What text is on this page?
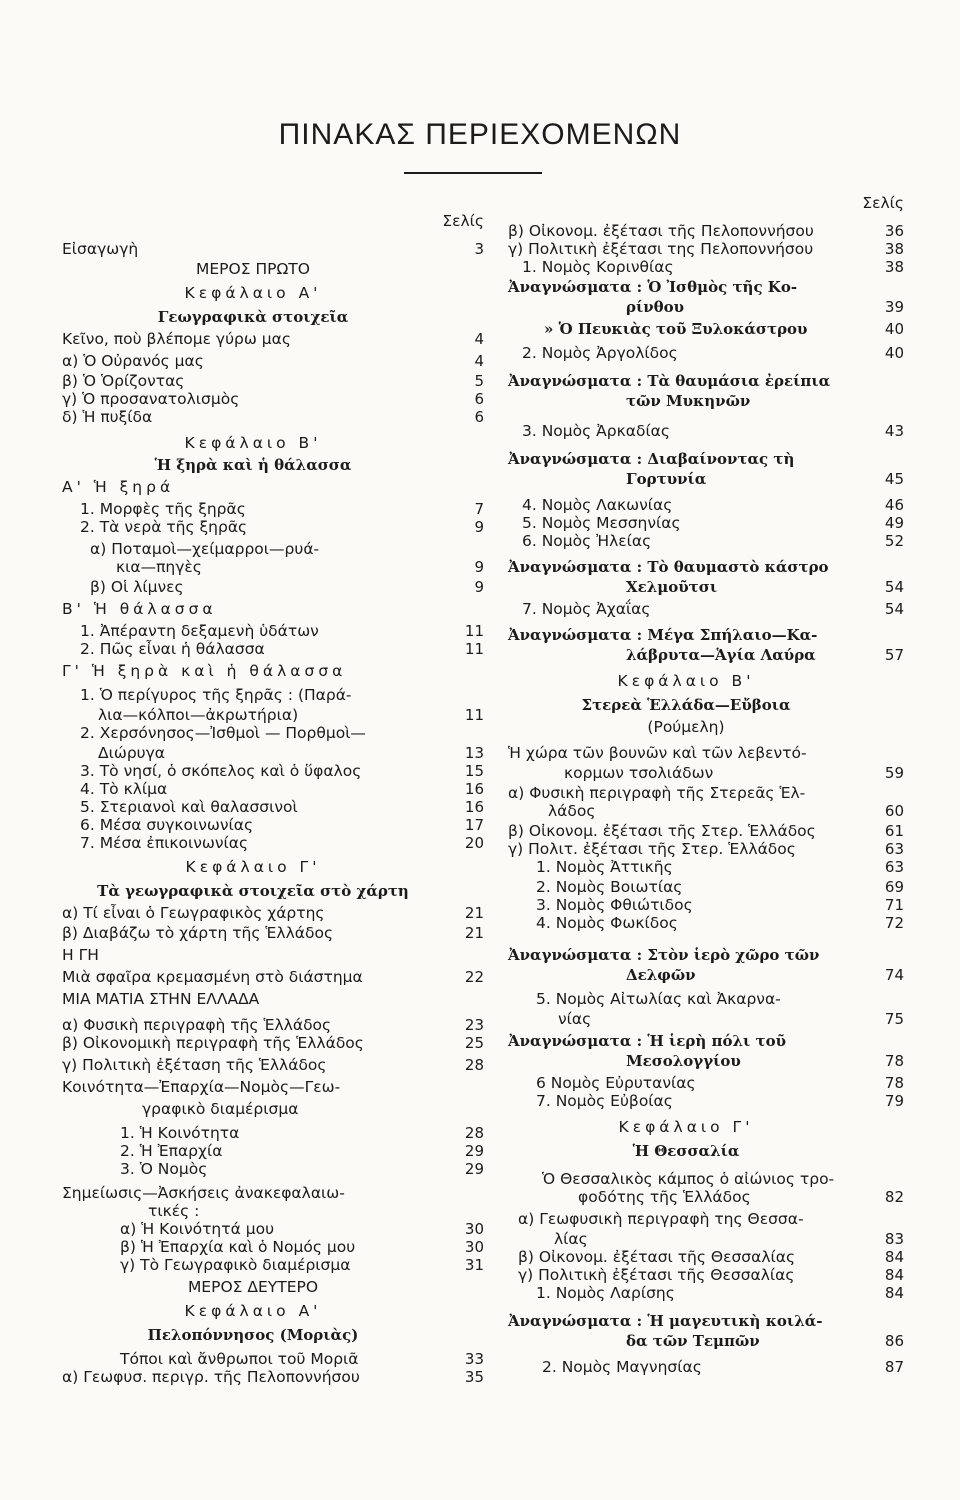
ΠΙΝΑΚΑΣ ΠΕΡΙΕΧΟΜΕΝΩΝ
Σελίς
Εἰσαγωγὴ	3
ΜΕΡΟΣ ΠΡΩΤΟ
Κεφάλαιο Α'
Γεωγραφικὰ στοιχεῖα
Κεῖνο, ποὺ βλέπομε γύρω μας	4
α) Ὁ Οὐρανός μας	4
β) Ὁ Ὁρίζοντας	5
γ) Ὁ προσανατολισμὸς	6
δ) Ἡ πυξίδα	6
Κεφάλαιο Β'
Ἡ ξηρὰ καὶ ἡ θάλασσα
Α' Ἡ ξηρά
1. Μορφὲς τῆς ξηρᾶς	7
2. Τὰ νερὰ τῆς ξηρᾶς	9
α) Ποταμοὶ—χείμαρροι—ρυά-
κια—πηγὲς	9
β) Οἱ λίμνες	9
Β' Ἡ θάλασσα
1. Ἀπέραντη δεξαμενὴ ὑδάτων	11
2. Πῶς εἶναι ἡ θάλασσα	11
Γ' Ἡ ξηρὰ καὶ ἡ θάλασσα
1. Ὁ περίγυρος τῆς ξηρᾶς : (Παρά-
λια—κόλποι—ἀκρωτήρια)	11
2. Χερσόνησος—Ἰσθμοὶ — Πορθμοὶ—
Διώρυγα	13
3. Τὸ νησί, ὁ σκόπελος καὶ ὁ ὕφαλος	15
4. Τὸ κλίμα	16
5. Στεριανοὶ καὶ θαλασσινοὶ	16
6. Μέσα συγκοινωνίας	17
7. Μέσα ἐπικοινωνίας	20
Κεφάλαιο Γ'
Τὰ γεωγραφικὰ στοιχεῖα στὸ χάρτη
α) Τί εἶναι ὁ Γεωγραφικὸς χάρτης	21
β) Διαβάζω τὸ χάρτη τῆς Ἑλλάδος	21
Η ΓΗ
Μιὰ σφαῖρα κρεμασμένη στὸ διάστημα	22
ΜΙΑ ΜΑΤΙΑ ΣΤΗΝ ΕΛΛΑΔΑ
α) Φυσικὴ περιγραφὴ τῆς Ἑλλάδος	23
β) Οἰκονομικὴ περιγραφὴ τῆς Ἑλλάδος	25
γ) Πολιτικὴ ἐξέταση τῆς Ἑλλάδος	28
Κοινότητα—Ἐπαρχία—Νομὸς—Γεω-
γραφικὸ διαμέρισμα
1. Ἡ Κοινότητα	28
2. Ἡ Ἐπαρχία	29
3. Ὁ Νομὸς	29
Σημείωσις—Ἀσκήσεις ἀνακεφαλαιω-
τικές :
α) Ἡ Κοινότητά μου	30
β) Ἡ Ἐπαρχία καὶ ὁ Νομός μου	30
γ) Τὸ Γεωγραφικὸ διαμέρισμα	31
ΜΕΡΟΣ ΔΕΥΤΕΡΟ
Κεφάλαιο Α'
Πελοπόννησος (Μοριὰς)
Τόποι καὶ ἄνθρωποι τοῦ Μοριᾶ	33
α) Γεωφυσ. περιγρ. τῆς Πελοποννήσου	35
Σελίς
β) Οἰκονομ. ἐξέτασι τῆς Πελοποννήσου	36
γ) Πολιτικὴ ἐξέτασι της Πελοποννήσου	38
1. Νομὸς Κορινθίας	38
Ἀναγνώσματα : Ὁ Ἰσθμὸς τῆς Κο-
ρίνθου	39
» Ὁ Πευκιὰς τοῦ Ξυλοκάστρου	40
2. Νομὸς Ἀργολίδος	40
Ἀναγνώσματα : Τὰ θαυμάσια ἐρείπια
τῶν Μυκηνῶν
3. Νομὸς Ἀρκαδίας	43
Ἀναγνώσματα : Διαβαίνοντας τὴ
Γορτυνία	45
4. Νομὸς Λακωνίας	46
5. Νομὸς Μεσσηνίας	49
6. Νομὸς Ἠλείας	52
Ἀναγνώσματα : Τὸ θαυμαστὸ κάστρο
Χελμοῦτσι	54
7. Νομὸς Ἀχαΐας	54
Ἀναγνώσματα : Μέγα Σπήλαιο—Κα-
λάβρυτα—Ἁγία Λαύρα	57
Κεφάλαιο Β'
Στερεὰ Ἑλλάδα—Εὔβοια
(Ρούμελη)
Ἡ χώρα τῶν βουνῶν καὶ τῶν λεβεντό-
κορμων τσολιάδων	59
α) Φυσικὴ περιγραφὴ τῆς Στερεᾶς Ἑλ-
λάδος	60
β) Οἰκονομ. ἐξέτασι τῆς Στερ. Ἑλλάδος	61
γ) Πολιτ. ἐξέτασι τῆς Στερ. Ἑλλάδος	63
1. Νομὸς Ἀττικῆς	63
2. Νομὸς Βοιωτίας	69
3. Νομὸς Φθιώτιδος	71
4. Νομὸς Φωκίδος	72
Ἀναγνώσματα : Στὸν ἱερὸ χῶρο τῶν
Δελφῶν	74
5. Νομὸς Αἰτωλίας καὶ Ἀκαρνα-
νίας	75
Ἀναγνώσματα : Ἡ ἱερὴ πόλι τοῦ
Μεσολογγίου	78
6 Νομὸς Εὐρυτανίας	78
7. Νομὸς Εὐβοίας	79
Κεφάλαιο Γ'
Ἡ Θεσσαλία
Ὁ Θεσσαλικὸς κάμπος ὁ αἰώνιος τρο-
φοδότης τῆς Ἑλλάδος	82
α) Γεωφυσικὴ περιγραφὴ της Θεσσα-
λίας	83
β) Οἰκονομ. ἐξέτασι τῆς Θεσσαλίας	84
γ) Πολιτικὴ ἐξέτασι τῆς Θεσσαλίας	84
1. Νομὸς Λαρίσης	84
Ἀναγνώσματα : Ἡ μαγευτικὴ κοιλά-
δα τῶν Τεμπῶν	86
2. Νομὸς Μαγνησίας	87
